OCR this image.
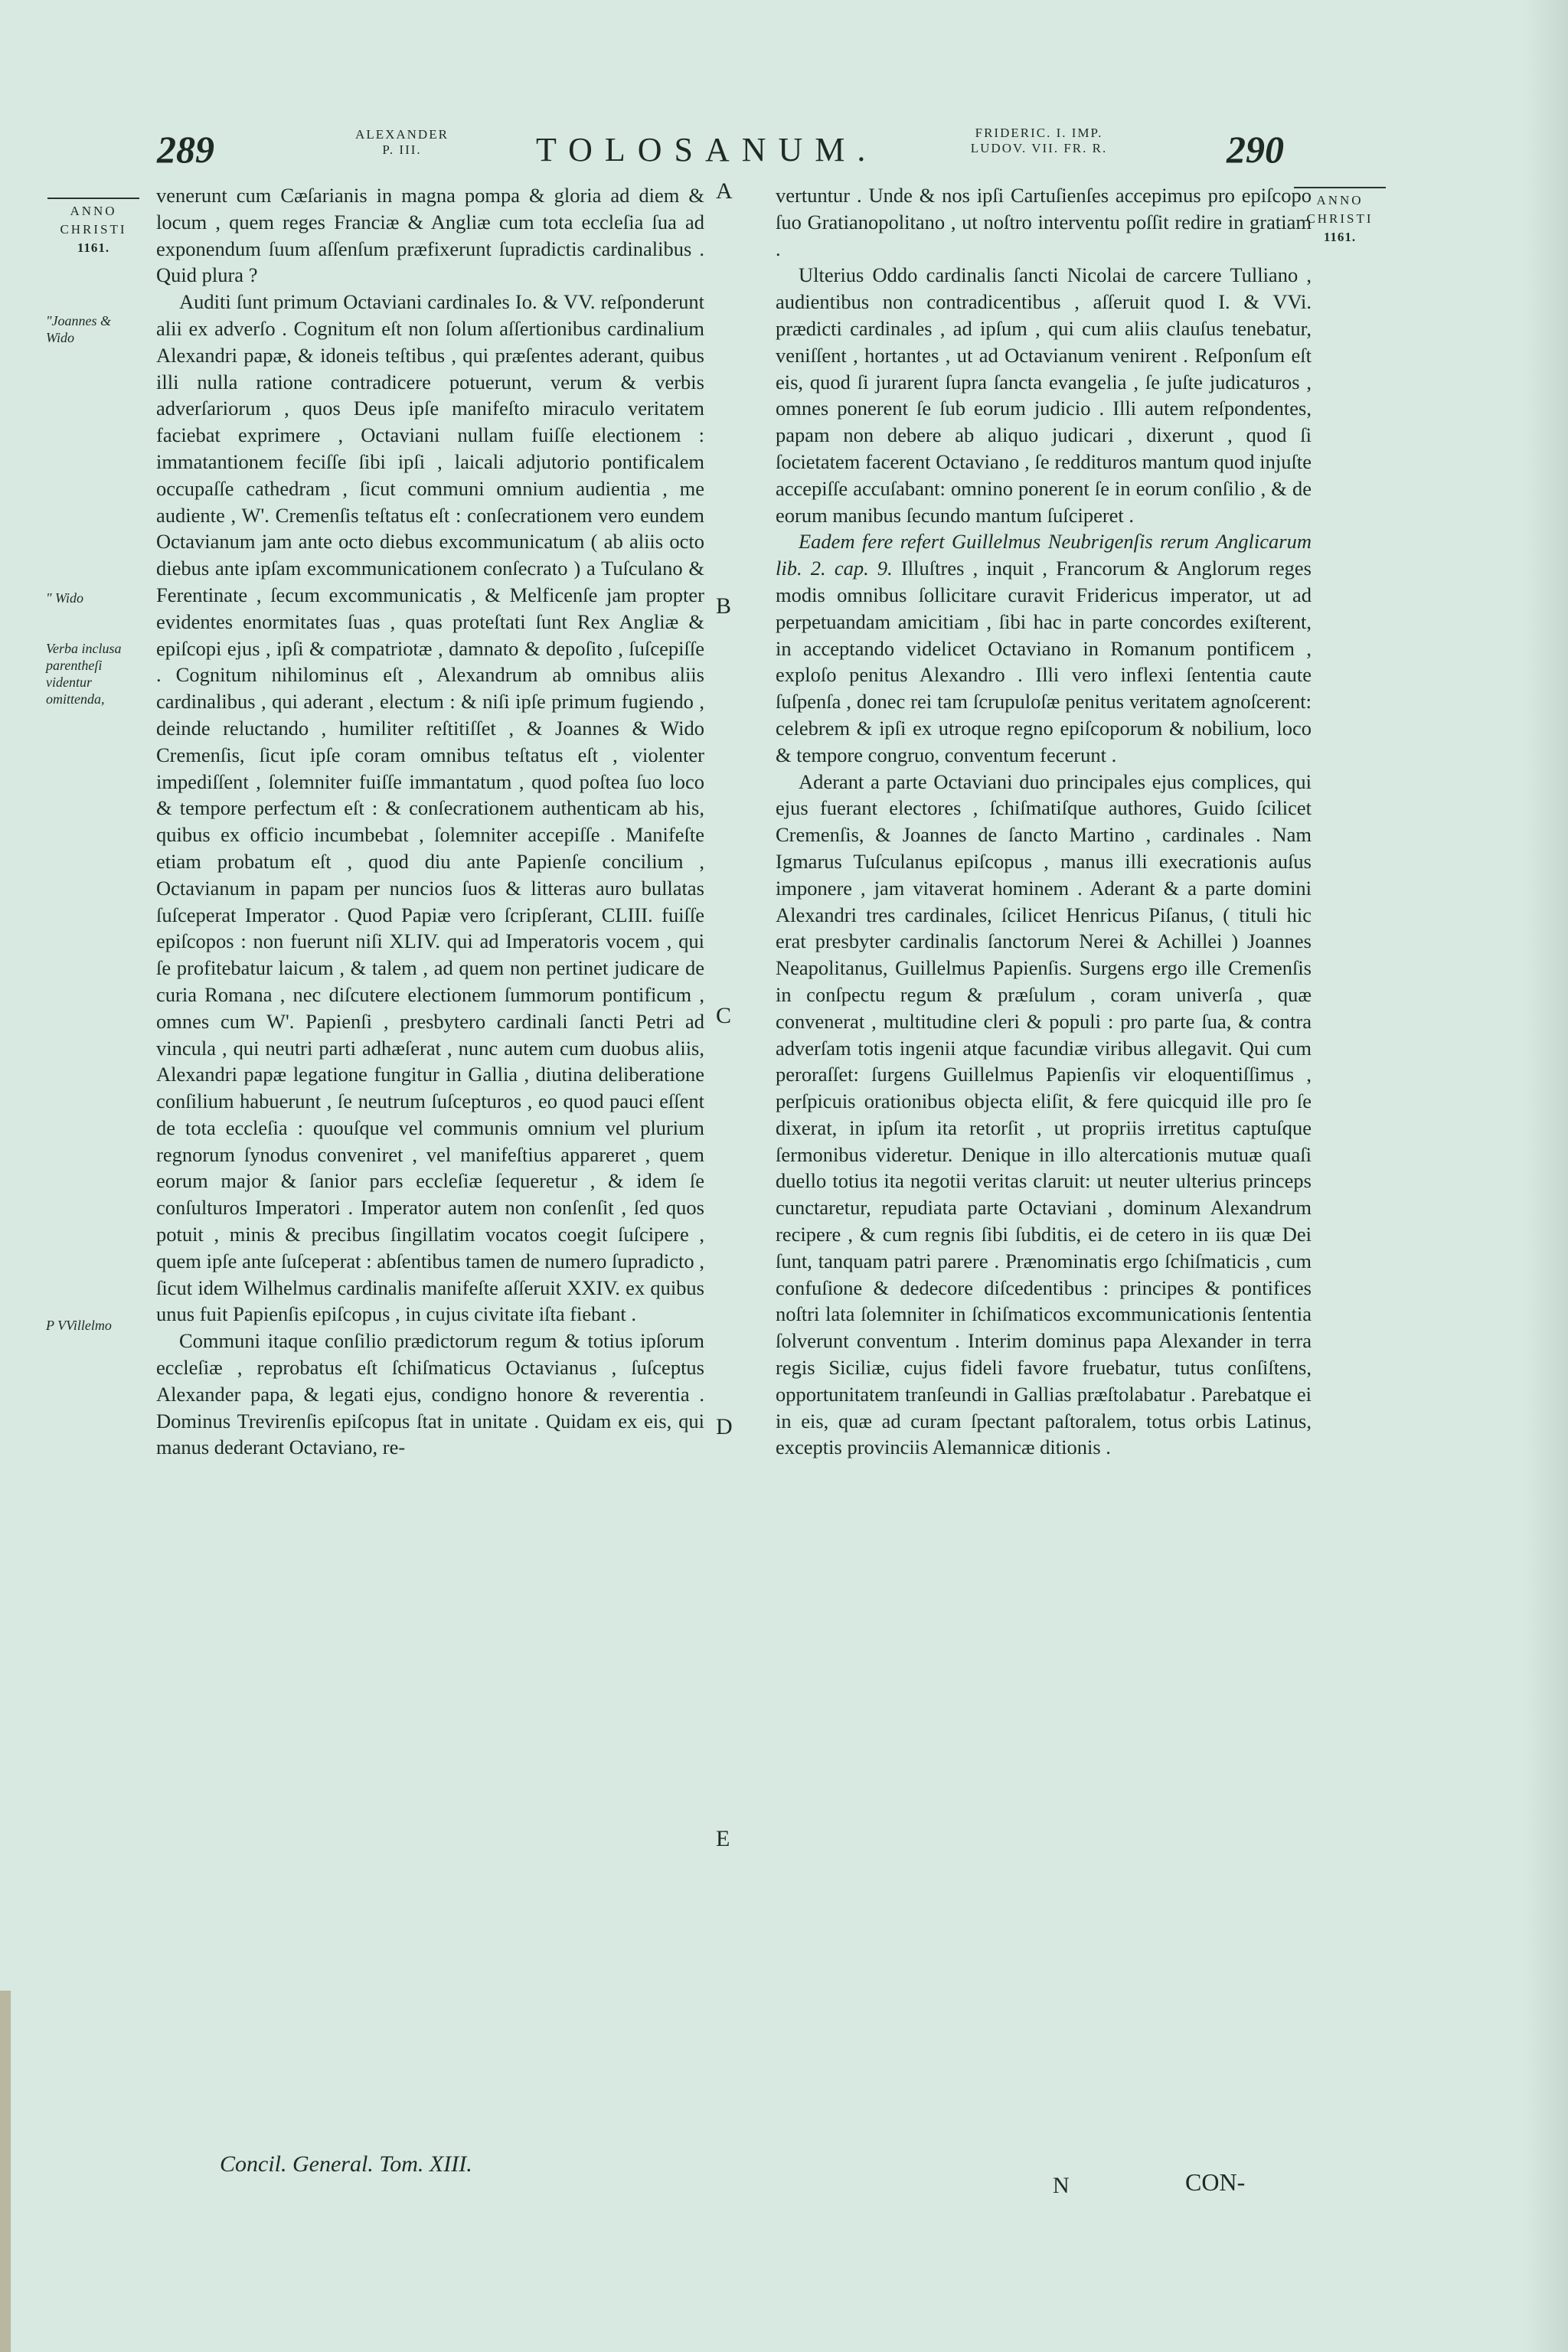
289	ALEXANDER
P. III.	TOLOSANUM.	FRIDERIC. I. IMP.
LUDOV. VII. FR. R.	290
ANNO
CHRISTI
1161.
ANNO
CHRISTI
1161.
"Joannes & Wido
" Wido
Verba inclusa parentheſi videntur omittenda,
P VVillelmo

venerunt cum Cæſarianis in magna pompa & gloria ad diem & locum , quem reges Franciæ & Angliæ cum tota eccleſia ſua ad exponendum ſuum aſſenſum præfixerunt ſupradictis cardinalibus . Quid plura ?

Auditi ſunt primum Octaviani cardinales Io. & VV. reſponderunt alii ex adverſo . Cognitum eſt non ſolum aſſertionibus cardinalium Alexandri papæ, & idoneis teſtibus , qui præſentes aderant, quibus illi nulla ratione contradicere potuerunt, verum & verbis adverſariorum , quos Deus ipſe manifeſto miraculo veritatem faciebat exprimere , Octaviani nullam fuiſſe electionem : immatantionem feciſſe ſibi ipſi , laicali adjutorio pontificalem occupaſſe cathedram , ſicut communi omnium audientia , me audiente , W'. Cremenſis teſtatus eſt : conſecrationem vero eundem Octavianum jam ante octo diebus excommunicatum ( ab aliis octo diebus ante ipſam excommunicationem conſecrato ) a Tuſculano & Ferentinate , ſecum excommunicatis , & Melficenſe jam propter evidentes enormitates ſuas , quas proteſtati ſunt Rex Angliæ & epiſcopi ejus , ipſi & compatriotæ , damnato & depoſito , ſuſcepiſſe . Cognitum nihilominus eſt , Alexandrum ab omnibus aliis cardinalibus , qui aderant , electum : & niſi ipſe primum fugiendo , deinde reluctando , humiliter reſtitiſſet , & Joannes & Wido Cremenſis, ſicut ipſe coram omnibus teſtatus eſt , violenter impediſſent , ſolemniter fuiſſe immantatum , quod poſtea ſuo loco & tempore perfectum eſt : & conſecrationem authenticam ab his, quibus ex officio incumbebat , ſolemniter accepiſſe . Manifeſte etiam probatum eſt , quod diu ante Papienſe concilium , Octavianum in papam per nuncios ſuos & litteras auro bullatas ſuſceperat Imperator . Quod Papiæ vero ſcripſerant, CLIII. fuiſſe epiſcopos : non fuerunt niſi XLIV. qui ad Imperatoris vocem , qui ſe profitebatur laicum , & talem , ad quem non pertinet judicare de curia Romana , nec diſcutere electionem ſummorum pontificum , omnes cum W'. Papienſi , presbytero cardinali ſancti Petri ad vincula , qui neutri parti adhæſerat , nunc autem cum duobus aliis, Alexandri papæ legatione fungitur in Gallia , diutina deliberatione conſilium habuerunt , ſe neutrum ſuſcepturos , eo quod pauci eſſent de tota eccleſia : quouſque vel communis omnium vel plurium regnorum ſynodus conveniret , vel manifeſtius appareret , quem eorum major & ſanior pars eccleſiæ ſequeretur , & idem ſe conſulturos Imperatori . Imperator autem non conſenſit , ſed quos potuit , minis & precibus ſingillatim vocatos coegit ſuſcipere , quem ipſe ante ſuſceperat : abſentibus tamen de numero ſupradicto , ſicut idem Wilhelmus cardinalis manifeſte aſſeruit XXIV. ex quibus unus fuit Papienſis epiſcopus , in cujus civitate iſta fiebant .

Communi itaque conſilio prædictorum regum & totius ipſorum eccleſiæ , reprobatus eſt ſchiſmaticus Octavianus , ſuſceptus Alexander papa, & legati ejus, condigno honore & reverentia . Dominus Trevirenſis epiſcopus ſtat in unitate . Quidam ex eis, qui manus dederant Octaviano, re-

A
B
C
D
E

vertuntur . Unde & nos ipſi Cartuſienſes accepimus pro epiſcopo ſuo Gratianopolitano , ut noſtro interventu poſſit redire in gratiam .

Ulterius Oddo cardinalis ſancti Nicolai de carcere Tulliano , audientibus non contradicentibus , aſſeruit quod I. & VVi. prædicti cardinales , ad ipſum , qui cum aliis clauſus tenebatur, veniſſent , hortantes , ut ad Octavianum venirent . Reſponſum eſt eis, quod ſi jurarent ſupra ſancta evangelia , ſe juſte judicaturos , omnes ponerent ſe ſub eorum judicio . Illi autem reſpondentes, papam non debere ab aliquo judicari , dixerunt , quod ſi ſocietatem facerent Octaviano , ſe reddituros mantum quod injuſte accepiſſe accuſabant: omnino ponerent ſe in eorum conſilio , & de eorum manibus ſecundo mantum ſuſciperet .

Eadem fere refert Guillelmus Neubrigenſis rerum Anglicarum lib. 2. cap. 9. Illuſtres , inquit , Francorum & Anglorum reges modis omnibus ſollicitare curavit Fridericus imperator, ut ad perpetuandam amicitiam , ſibi hac in parte concordes exiſterent, in acceptando videlicet Octaviano in Romanum pontificem , exploſo penitus Alexandro . Illi vero inflexi ſententia caute ſuſpenſa , donec rei tam ſcrupuloſæ penitus veritatem agnoſcerent: celebrem & ipſi ex utroque regno epiſcoporum & nobilium, loco & tempore congruo, conventum fecerunt .

Aderant a parte Octaviani duo principales ejus complices, qui ejus fuerant electores , ſchiſmatiſque authores, Guido ſcilicet Cremenſis, & Joannes de ſancto Martino , cardinales . Nam Igmarus Tuſculanus epiſcopus , manus illi execrationis auſus imponere , jam vitaverat hominem . Aderant & a parte domini Alexandri tres cardinales, ſcilicet Henricus Piſanus, ( tituli hic erat presbyter cardinalis ſanctorum Nerei & Achillei ) Joannes Neapolitanus, Guillelmus Papienſis. Surgens ergo ille Cremenſis in conſpectu regum & præſulum , coram univerſa , quæ convenerat , multitudine cleri & populi : pro parte ſua, & contra adverſam totis ingenii atque facundiæ viribus allegavit. Qui cum peroraſſet: ſurgens Guillelmus Papienſis vir eloquentiſſimus , perſpicuis orationibus objecta eliſit, & fere quicquid ille pro ſe dixerat, in ipſum ita retorſit , ut propriis irretitus captuſque ſermonibus videretur. Denique in illo altercationis mutuæ quaſi duello totius ita negotii veritas claruit: ut neuter ulterius princeps cunctaretur, repudiata parte Octaviani , dominum Alexandrum recipere , & cum regnis ſibi ſubditis, ei de cetero in iis quæ Dei ſunt, tanquam patri parere . Prænominatis ergo ſchiſmaticis , cum confuſione & dedecore diſcedentibus : principes & pontifices noſtri lata ſolemniter in ſchiſmaticos excommunicationis ſententia ſolverunt conventum . Interim dominus papa Alexander in terra regis Siciliæ, cujus fideli favore fruebatur, tutus conſiſtens, opportunitatem tranſeundi in Gallias præſtolabatur . Parebatque ei in eis, quæ ad curam ſpectant paſtoralem, totus orbis Latinus, exceptis provinciis Alemannicæ ditionis .

Concil. General. Tom. XIII.
N	CON-
